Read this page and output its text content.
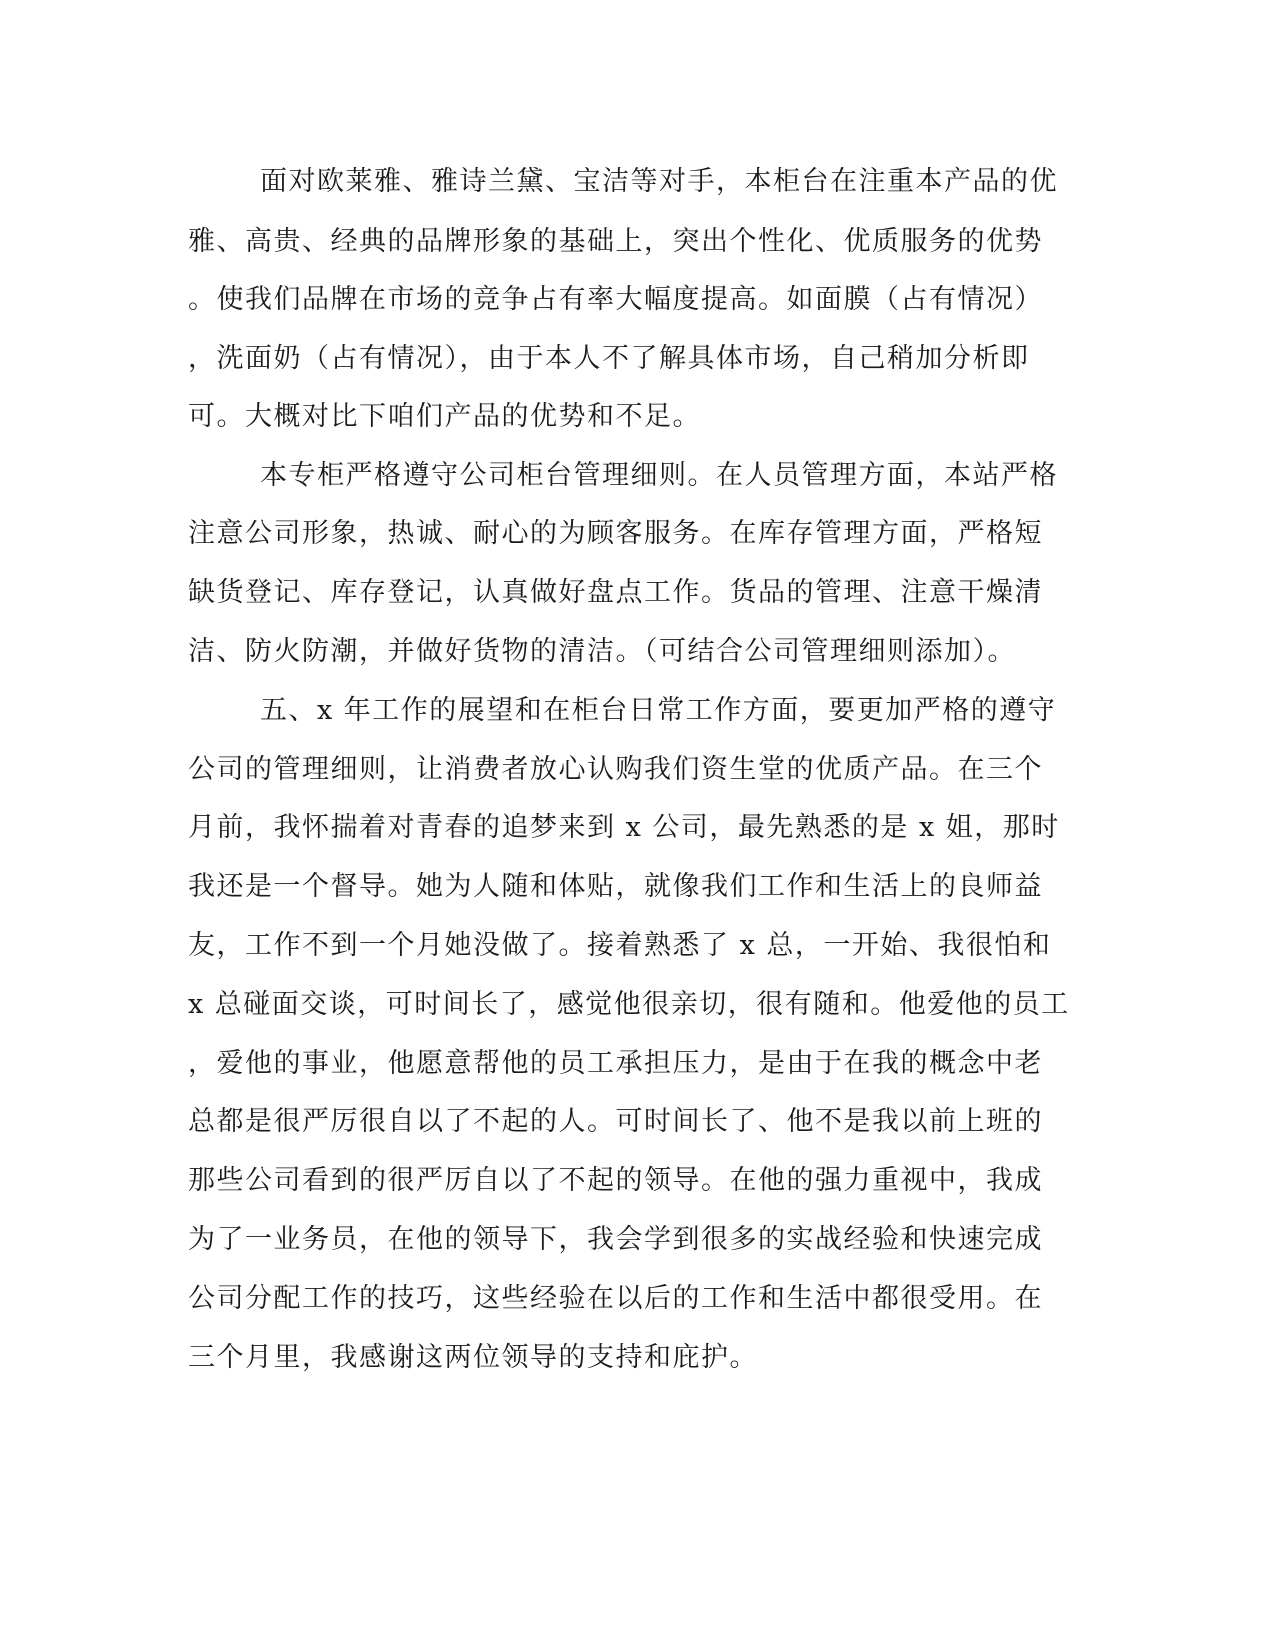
面对欧莱雅、雅诗兰黛、宝洁等对手，本柜台在注重本产品的优
雅、高贵、经典的品牌形象的基础上，突出个性化、优质服务的优势
。使我们品牌在市场的竞争占有率大幅度提高。如面膜（占有情况）
，洗面奶（占有情况），由于本人不了解具体市场，自己稍加分析即
可。大概对比下咱们产品的优势和不足。
本专柜严格遵守公司柜台管理细则。在人员管理方面，本站严格
注意公司形象，热诚、耐心的为顾客服务。在库存管理方面，严格短
缺货登记、库存登记，认真做好盘点工作。货品的管理、注意干燥清
洁、防火防潮，并做好货物的清洁。（可结合公司管理细则添加）。
五、x 年工作的展望和在柜台日常工作方面，要更加严格的遵守
公司的管理细则，让消费者放心认购我们资生堂的优质产品。在三个
月前，我怀揣着对青春的追梦来到 x 公司，最先熟悉的是 x 姐，那时
我还是一个督导。她为人随和体贴，就像我们工作和生活上的良师益
友，工作不到一个月她没做了。接着熟悉了 x 总，一开始、我很怕和
x 总碰面交谈，可时间长了，感觉他很亲切，很有随和。他爱他的员工
，爱他的事业，他愿意帮他的员工承担压力，是由于在我的概念中老
总都是很严厉很自以了不起的人。可时间长了、他不是我以前上班的
那些公司看到的很严厉自以了不起的领导。在他的强力重视中，我成
为了一业务员，在他的领导下，我会学到很多的实战经验和快速完成
公司分配工作的技巧，这些经验在以后的工作和生活中都很受用。在
三个月里，我感谢这两位领导的支持和庇护。
